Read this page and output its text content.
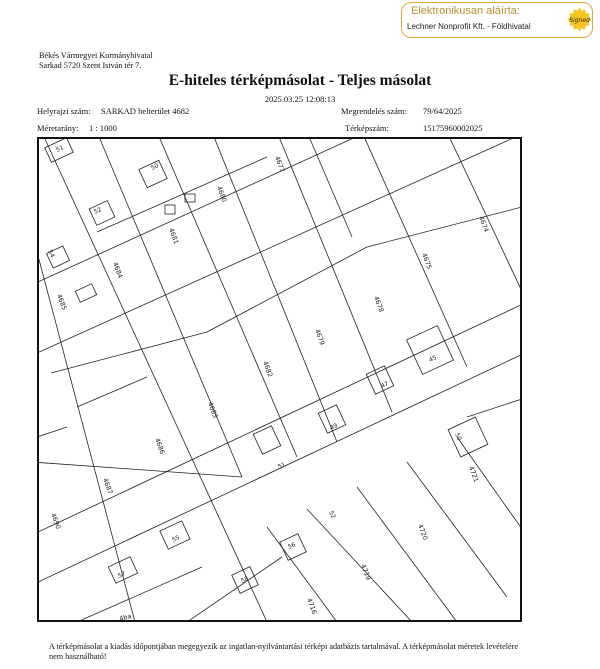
Elektronikusan aláírta:
Lechner Nonprofit Kft. - Földhivatal
Signed
Békés Vármegyei Kormányhivatal
Sarkad 5720 Szent István tér 7.
E-hiteles térképmásolat - Teljes másolat
2025.03.25 12:08:13
Helyrajzi szám: SARKAD belterület 4682	Megrendelés szám: 79/64/2025
Méretarány: 1 : 1000	Térképszám:	15175960002025
4677
4674
4680
4681
4675
4684
4678
4685
4679
4682
4683
4686
4687
4690
4721
4720
4719
4716
4ba
51
50
52
54
45
47
49
51
55
57
50
52
56
58
A térképmásolat a kiadás időpontjában megegyezik az ingatlan-nyilvántartási térképi adatbázis tartalmával. A térképmásolat méretek levételére nem használható!
